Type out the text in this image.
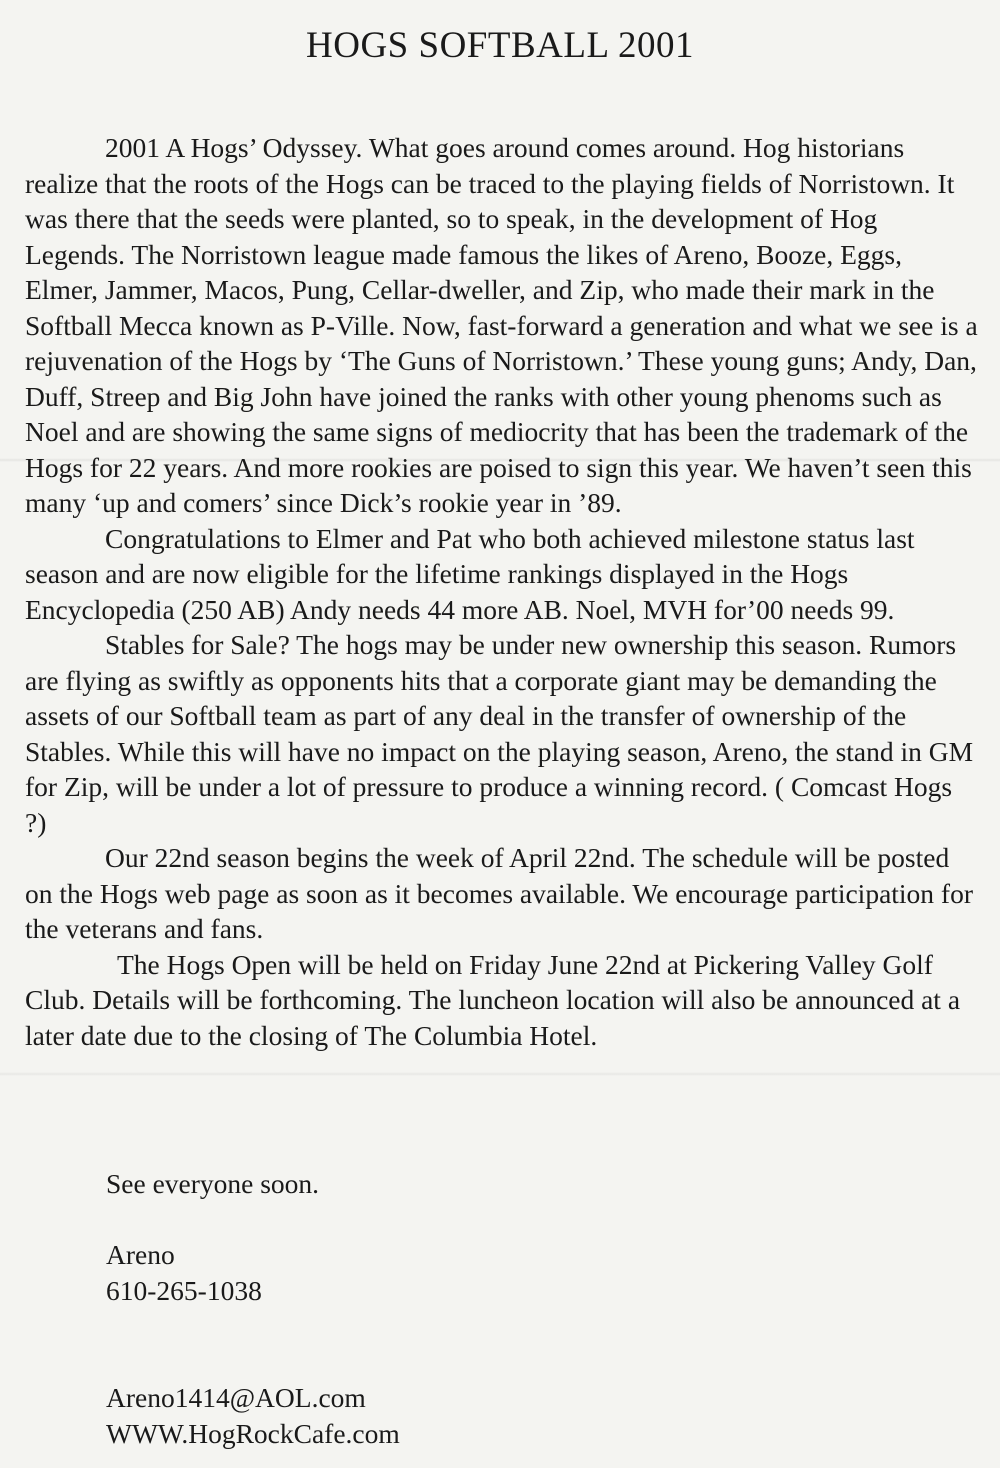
HOGS SOFTBALL 2001

2001 A Hogs’ Odyssey. What goes around comes around. Hog historians realize that the roots of the Hogs can be traced to the playing fields of Norristown. It was there that the seeds were planted, so to speak, in the development of Hog Legends. The Norristown league made famous the likes of Areno, Booze, Eggs, Elmer, Jammer, Macos, Pung, Cellar-dweller, and Zip, who made their mark in the Softball Mecca known as P-Ville. Now, fast-forward a generation and what we see is a rejuvenation of the Hogs by ‘The Guns of Norristown.’ These young guns; Andy, Dan, Duff, Streep and Big John have joined the ranks with other young phenoms such as Noel and are showing the same signs of mediocrity that has been the trademark of the Hogs for 22 years. And more rookies are poised to sign this year. We haven’t seen this many ‘up and comers’ since Dick’s rookie year in ’89.

Congratulations to Elmer and Pat who both achieved milestone status last season and are now eligible for the lifetime rankings displayed in the Hogs Encyclopedia (250 AB) Andy needs 44 more AB. Noel, MVH for’00 needs 99.

Stables for Sale? The hogs may be under new ownership this season. Rumors are flying as swiftly as opponents hits that a corporate giant may be demanding the assets of our Softball team as part of any deal in the transfer of ownership of the Stables. While this will have no impact on the playing season, Areno, the stand in GM for Zip, will be under a lot of pressure to produce a winning record. ( Comcast Hogs ?)

Our 22nd season begins the week of April 22nd. The schedule will be posted on the Hogs web page as soon as it becomes available. We encourage participation for the veterans and fans.

The Hogs Open will be held on Friday June 22nd at Pickering Valley Golf Club. Details will be forthcoming. The luncheon location will also be announced at a later date due to the closing of The Columbia Hotel.

See everyone soon.
Areno
610-265-1038
Areno1414@AOL.com
WWW.HogRockCafe.com
